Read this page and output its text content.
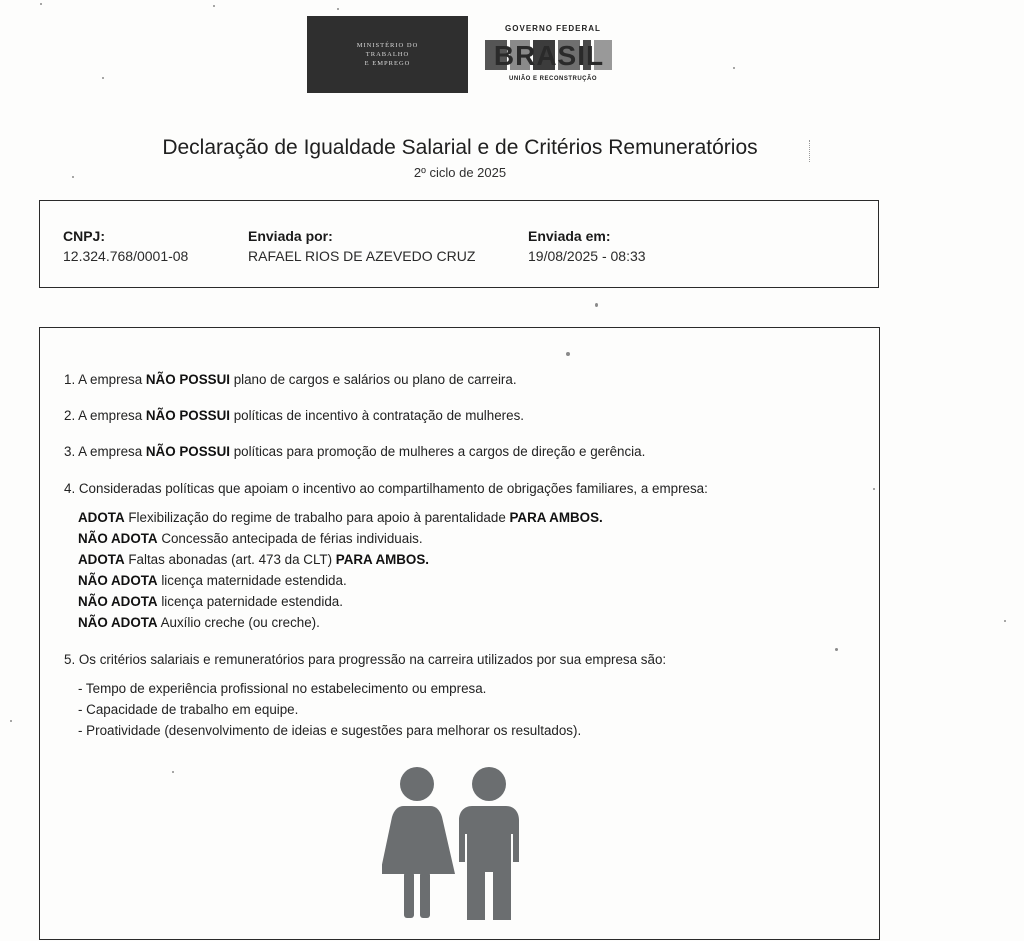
MINISTÉRIO DO
TRABALHO
E EMPREGO
GOVERNO FEDERAL
BRASIL
UNIÃO E RECONSTRUÇÃO
Declaração de Igualdade Salarial e de Critérios Remuneratórios
2º ciclo de 2025
CNPJ:
12.324.768/0001-08
Enviada por:
RAFAEL RIOS DE AZEVEDO CRUZ
Enviada em:
19/08/2025 - 08:33
1. A empresa NÃO POSSUI plano de cargos e salários ou plano de carreira.
2. A empresa NÃO POSSUI políticas de incentivo à contratação de mulheres.
3. A empresa NÃO POSSUI políticas para promoção de mulheres a cargos de direção e gerência.
4. Consideradas políticas que apoiam o incentivo ao compartilhamento de obrigações familiares, a empresa:
ADOTA Flexibilização do regime de trabalho para apoio à parentalidade PARA AMBOS.
NÃO ADOTA Concessão antecipada de férias individuais.
ADOTA Faltas abonadas (art. 473 da CLT) PARA AMBOS.
NÃO ADOTA licença maternidade estendida.
NÃO ADOTA licença paternidade estendida.
NÃO ADOTA Auxílio creche (ou creche).
5. Os critérios salariais e remuneratórios para progressão na carreira utilizados por sua empresa são:
- Tempo de experiência profissional no estabelecimento ou empresa.
- Capacidade de trabalho em equipe.
- Proatividade (desenvolvimento de ideias e sugestões para melhorar os resultados).
